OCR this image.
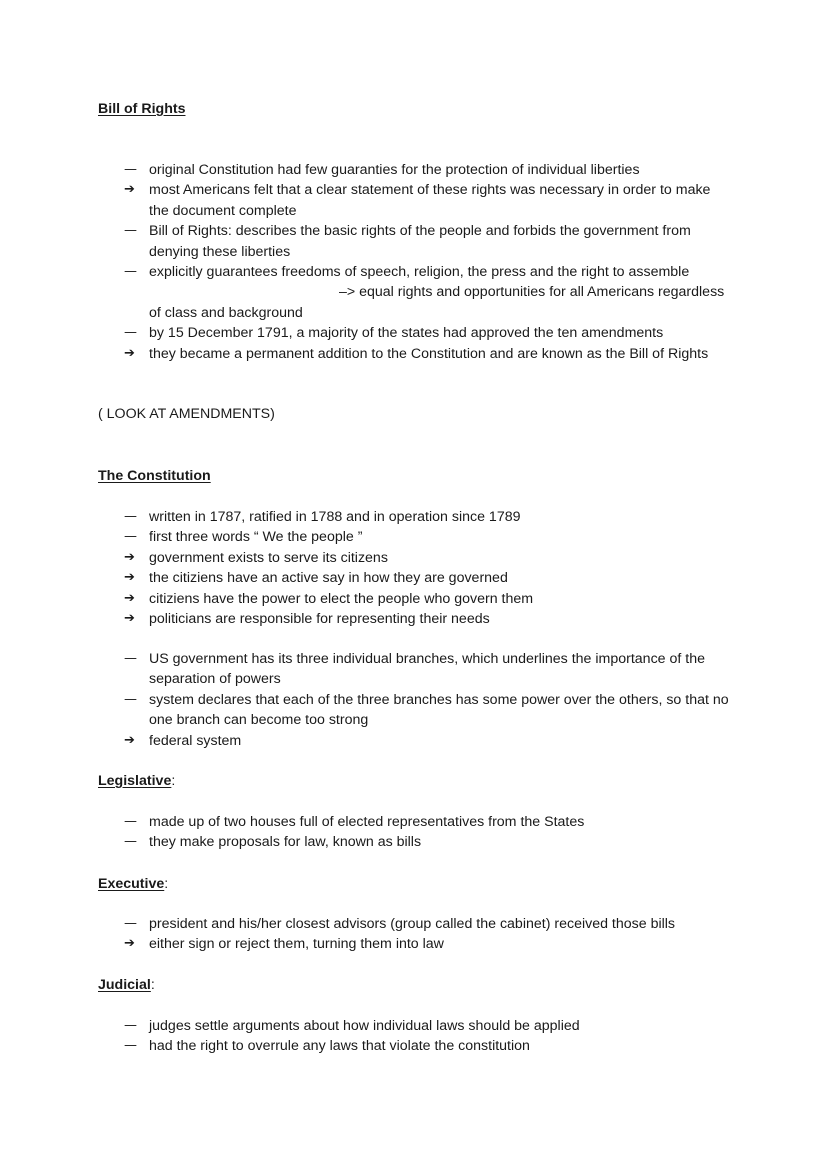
Bill of Rights
— original Constitution had few guaranties for the protection of individual liberties
➔ most Americans felt that a clear statement of these rights was necessary in order to make the document complete
— Bill of Rights: describes the basic rights of the people and forbids the government from denying these liberties
— explicitly guarantees freedoms of speech, religion, the press and the right to assemble–> equal rights and opportunities for all Americans regardless of class and background
— by 15 December 1791, a majority of the states had approved the ten amendments
➔ they became a permanent addition to the Constitution and are known as the Bill of Rights

( LOOK AT AMENDMENTS)

The Constitution
— written in 1787, ratified in 1788 and in operation since 1789
— first three words “ We the people ”
➔ government exists to serve its citizens
➔ the citiziens have an active say in how they are governed
➔ citiziens have the power to elect the people who govern them
➔ politicians are responsible for representing their needs
— US government has its three individual branches, which underlines the importance of the separation of powers
— system declares that each of the three branches has some power over the others, so that no one branch can become too strong
➔ federal system
Legislative:
— made up of two houses full of elected representatives from the States
— they make proposals for law, known as bills
Executive:
— president and his/her closest advisors (group called the cabinet) received those bills
➔ either sign or reject them, turning them into law
Judicial:
— judges settle arguments about how individual laws should be applied
— had the right to overrule any laws that violate the constitution
